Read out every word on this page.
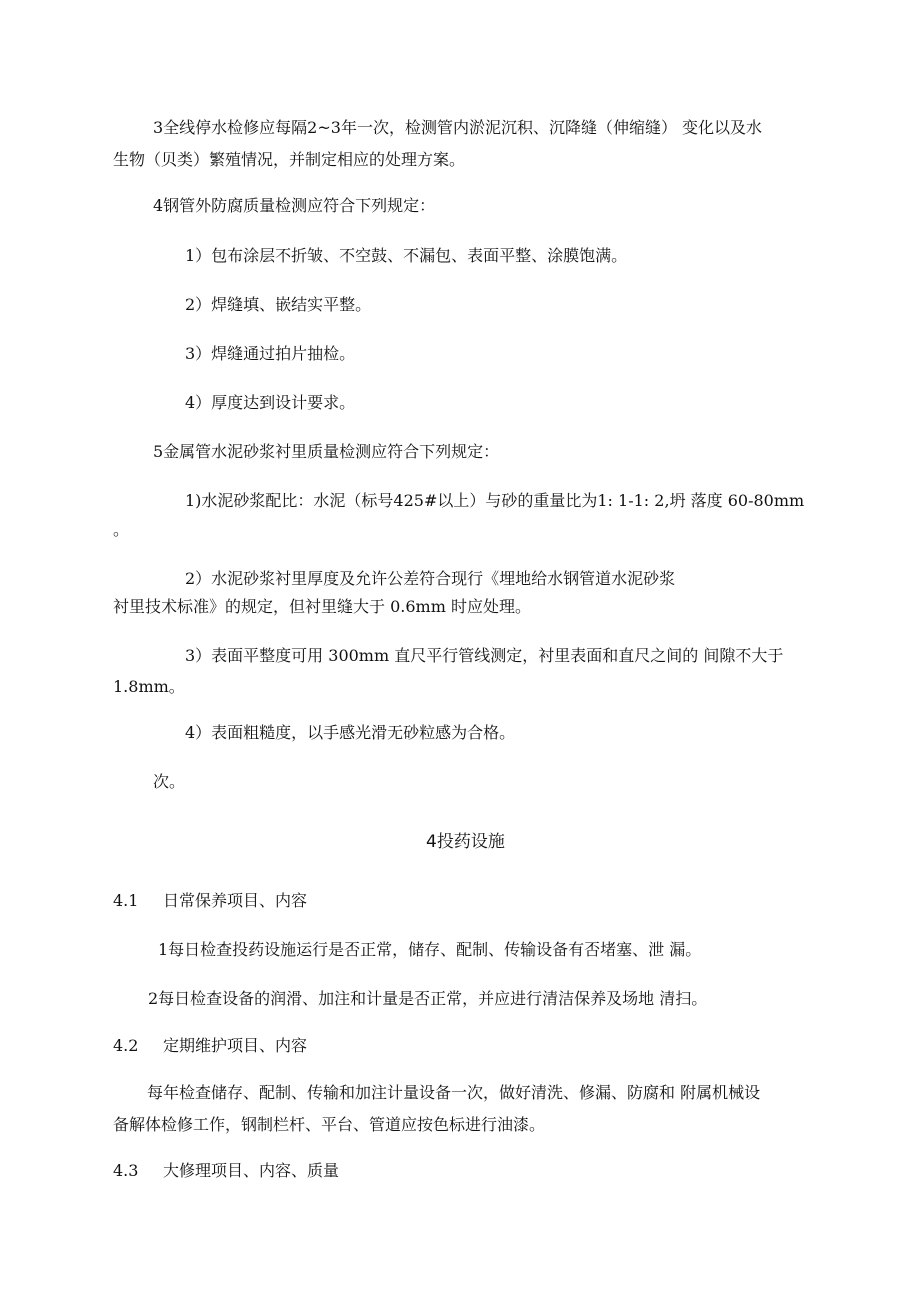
3全线停水检修应每隔2~3年一次，检测管内淤泥沉积、沉降缝（伸缩缝） 变化以及水

生物（贝类）繁殖情况，并制定相应的处理方案。

4钢管外防腐质量检测应符合下列规定：

1）包布涂层不折皱、不空鼓、不漏包、表面平整、涂膜饱满。

2）焊缝填、嵌结实平整。

3）焊缝通过拍片抽检。

4）厚度达到设计要求。

5金属管水泥砂浆衬里质量检测应符合下列规定：

1)水泥砂浆配比：水泥（标号425#以上）与砂的重量比为1: 1-1: 2,坍 落度 60-80mm

。

2）水泥砂浆衬里厚度及允许公差符合现行《埋地给水钢管道水泥砂浆

衬里技术标准》的规定，但衬里缝大于 0.6mm 时应处理。

3）表面平整度可用 300mm 直尺平行管线测定，衬里表面和直尺之间的 间隙不大于

1.8mm。

4）表面粗糙度，以手感光滑无砂粒感为合格。

次。

4投药设施

4.1 日常保养项目、内容

1每日检查投药设施运行是否正常，储存、配制、传输设备有否堵塞、泄 漏。

2每日检查设备的润滑、加注和计量是否正常，并应进行清洁保养及场地 清扫。

4.2 定期维护项目、内容

每年检查储存、配制、传输和加注计量设备一次，做好清洗、修漏、防腐和 附属机械设

备解体检修工作，钢制栏杆、平台、管道应按色标进行油漆。

4.3 大修理项目、内容、质量
